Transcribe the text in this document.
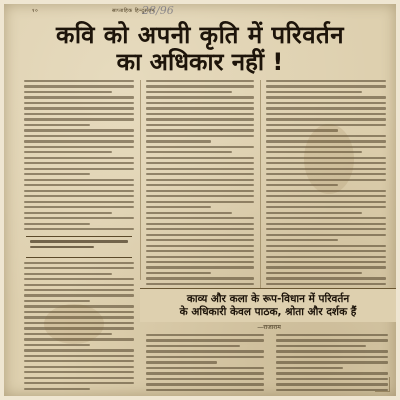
१०	साप्ताहिक हिन्दुस्तान
28/96
कवि को अपनी कृति में परिवर्तन
का अधिकार नहीं !
काव्य और कला के रूप-विधान में परिवर्तन
के अधिकारी केवल पाठक, श्रोता और दर्शक हैं
—राजाराम
